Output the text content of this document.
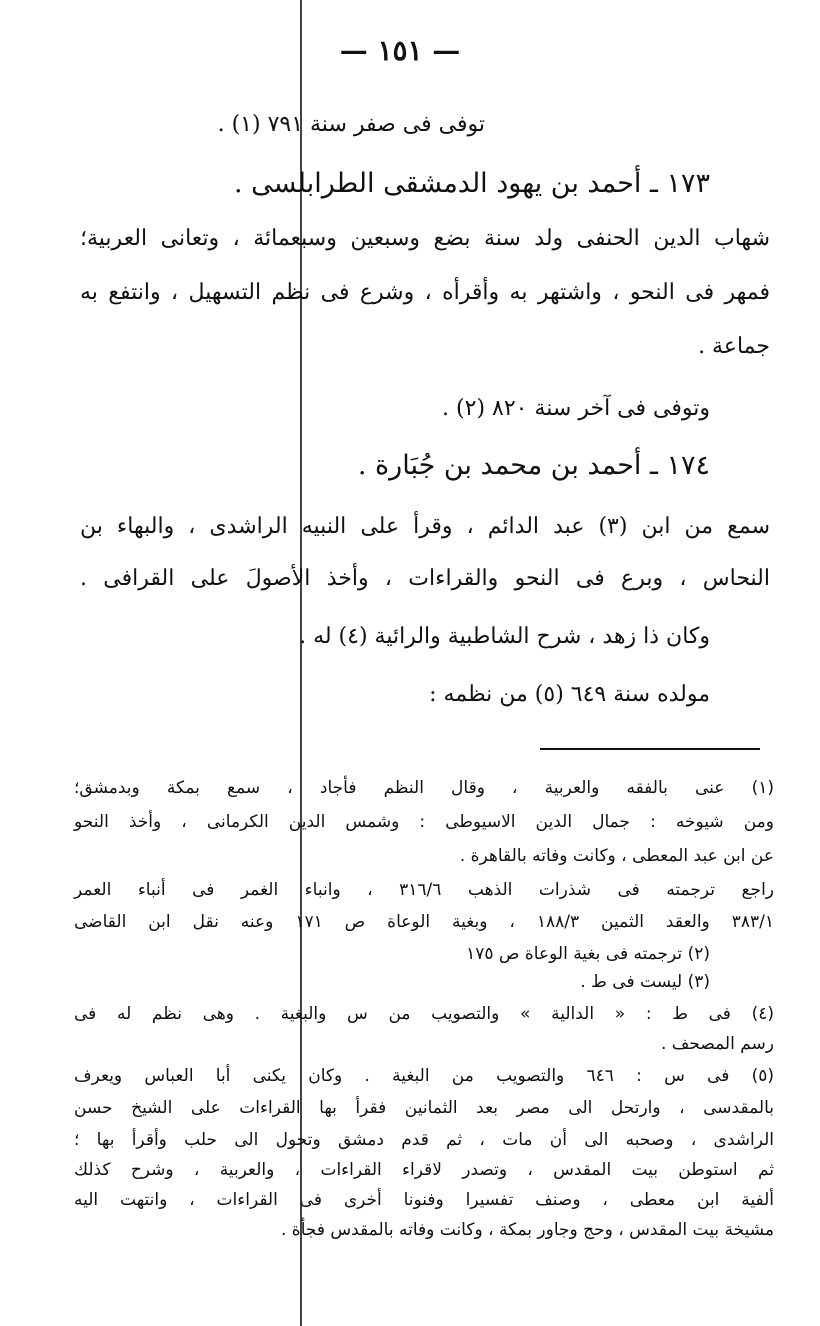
— ١٥١ —
توفى فى صفر سنة ٧٩١ (١) .
١٧٣ ـ أحمد بن يهود الدمشقى الطرابلسى .
شهاب الدين الحنفى ولد سنة بضع وسبعين وسبعمائة ، وتعانى العربية؛
فمهر فى النحو ، واشتهر به وأقرأه ، وشرع فى نظم التسهيل ، وانتفع به
جماعة .
وتوفى فى آخر سنة ٨٢٠ (٢) .
١٧٤ ـ أحمد بن محمد بن جُبَارة .
سمع من ابن (٣) عبد الدائم ، وقرأ على النبيه الراشدى ، والبهاء بن
النحاس ، وبرع فى النحو والقراءات ، وأخذ الأصولَ على القرافى .
وكان ذا زهد ، شرح الشاطبية والرائية (٤) له .
مولده سنة ٦٤٩ (٥) من نظمه :
(١) عنى بالفقه والعربية ، وقال النظم فأجاد ، سمع بمكة وبدمشق؛
ومن شيوخه : جمال الدين الاسيوطى : وشمس الدين الكرمانى ، وأخذ النحو
عن ابن عبد المعطى ، وكانت وفاته بالقاهرة .
راجع ترجمته فى شذرات الذهب ٣١٦/٦ ، وانباء الغمر فى أنباء العمر
٣٨٣/١ والعقد الثمين ١٨٨/٣ ، وبغية الوعاة ص ١٧١ وعنه نقل ابن القاضى
(٢) ترجمته فى بغية الوعاة ص ١٧٥
(٣) ليست فى ط .
(٤) فى ط : « الدالية » والتصويب من س والبغية . وهى نظم له فى
رسم المصحف .
(٥) فى س : ٦٤٦ والتصويب من البغية . وكان يكنى أبا العباس ويعرف
بالمقدسى ، وارتحل الى مصر بعد الثمانين فقرأ بها القراءات على الشيخ حسن
الراشدى ، وصحبه الى أن مات ، ثم قدم دمشق وتحول الى حلب وأقرأ بها ؛
ثم استوطن بيت المقدس ، وتصدر لاقراء القراءات ، والعربية ، وشرح كذلك
ألفية ابن معطى ، وصنف تفسيرا وفنونا أخرى فى القراءات ، وانتهت اليه
مشيخة بيت المقدس ، وحج وجاور بمكة ، وكانت وفاته بالمقدس فجأة .
